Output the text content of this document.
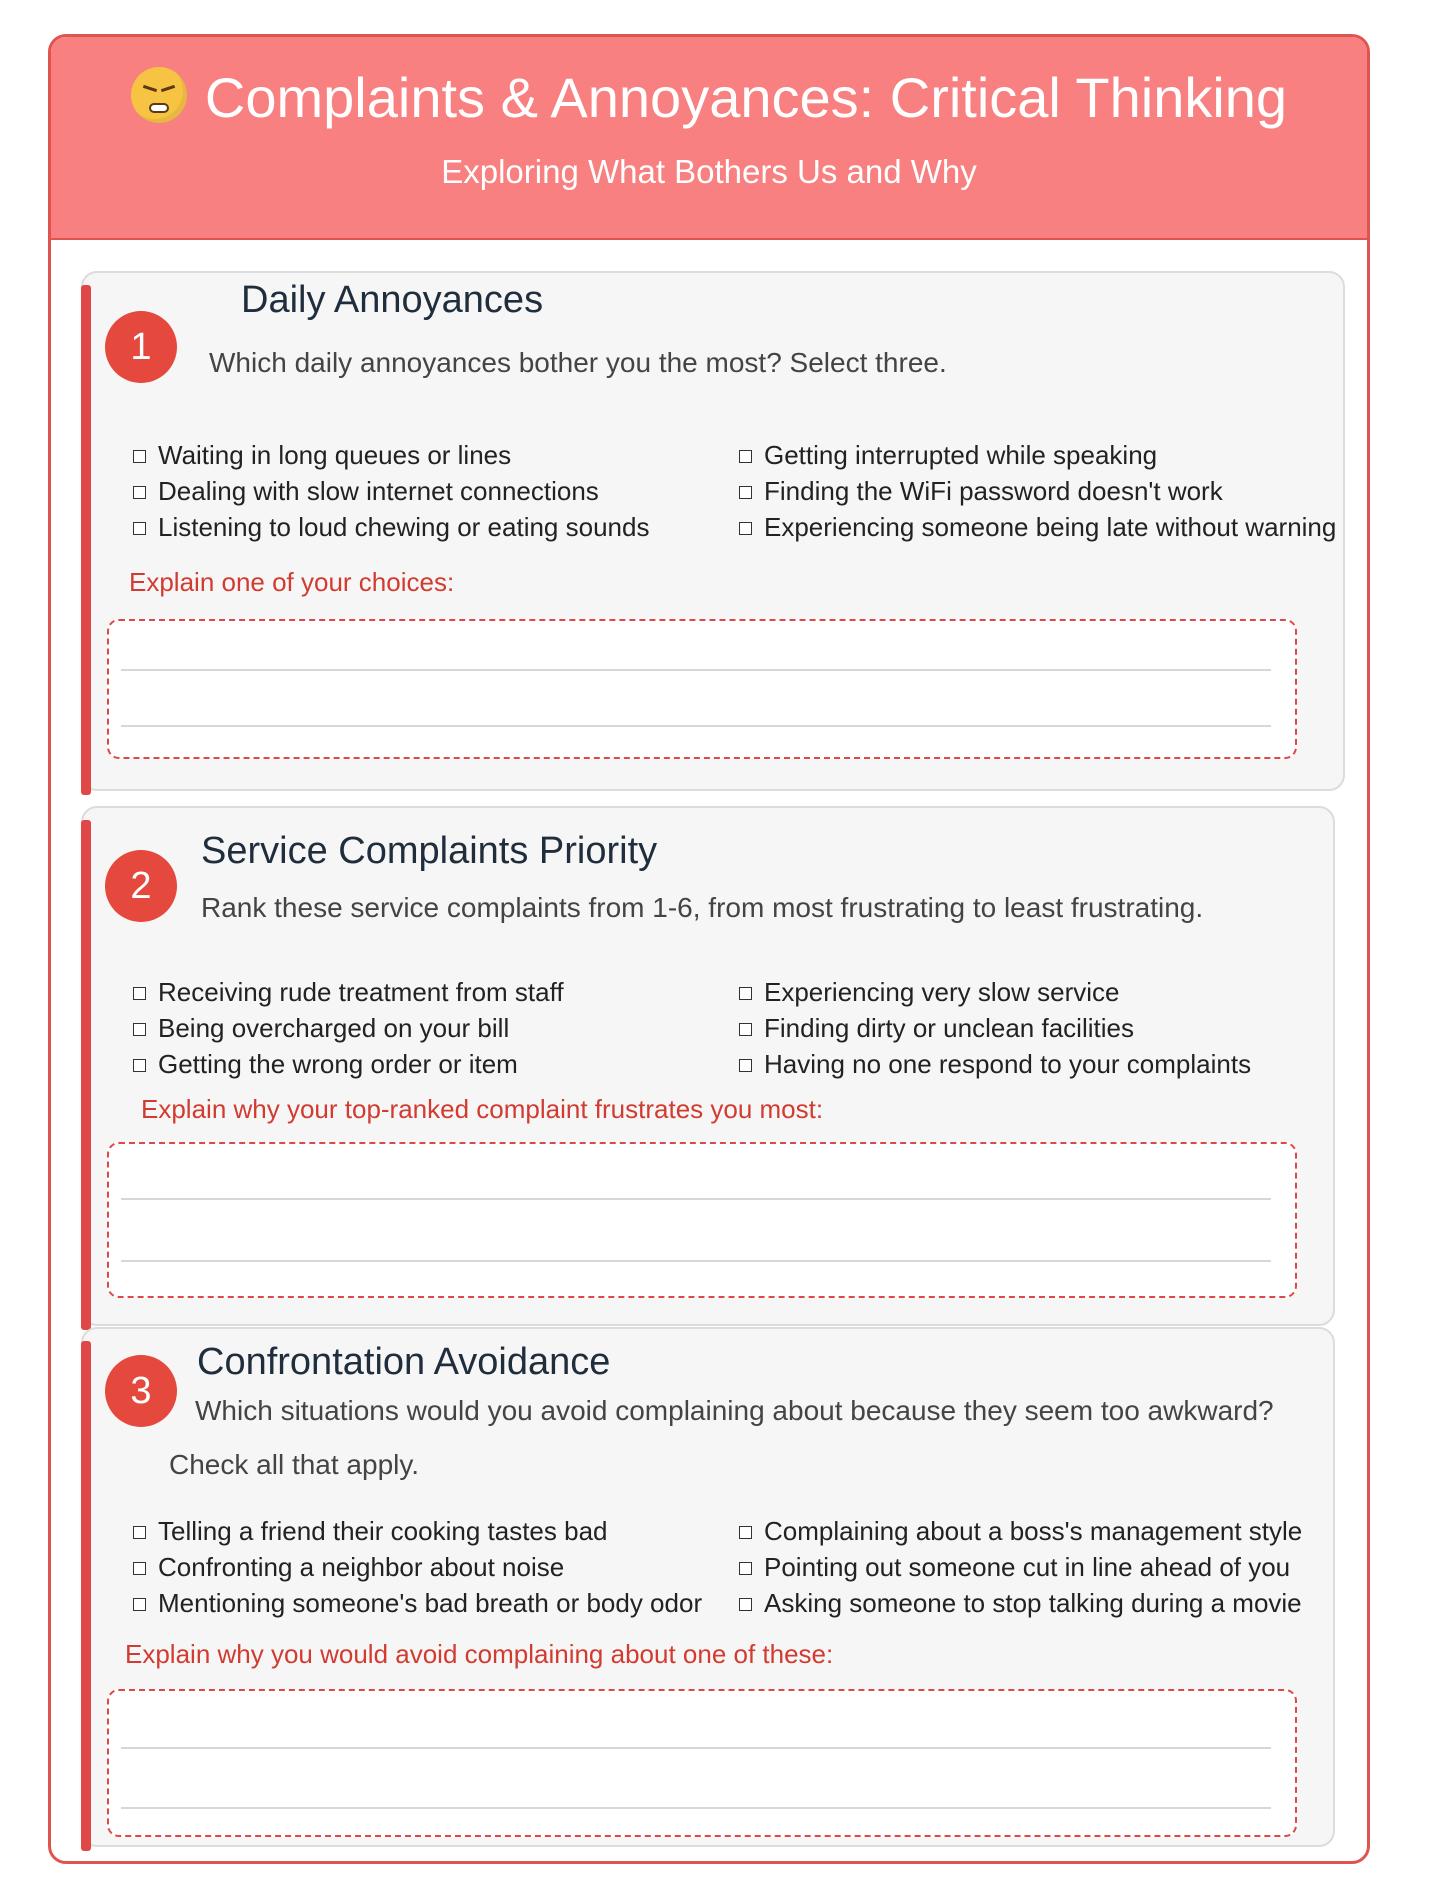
Complaints & Annoyances: Critical Thinking
Exploring What Bothers Us and Why
1
Daily Annoyances
Which daily annoyances bother you the most? Select three.
Waiting in long queues or lines
Dealing with slow internet connections
Listening to loud chewing or eating sounds
Getting interrupted while speaking
Finding the WiFi password doesn't work
Experiencing someone being late without warning
Explain one of your choices:
2
Service Complaints Priority
Rank these service complaints from 1-6, from most frustrating to least frustrating.
Receiving rude treatment from staff
Being overcharged on your bill
Getting the wrong order or item
Experiencing very slow service
Finding dirty or unclean facilities
Having no one respond to your complaints
Explain why your top-ranked complaint frustrates you most:
3
Confrontation Avoidance
Which situations would you avoid complaining about because they seem too awkward?
Check all that apply.
Telling a friend their cooking tastes bad
Confronting a neighbor about noise
Mentioning someone's bad breath or body odor
Complaining about a boss's management style
Pointing out someone cut in line ahead of you
Asking someone to stop talking during a movie
Explain why you would avoid complaining about one of these:
